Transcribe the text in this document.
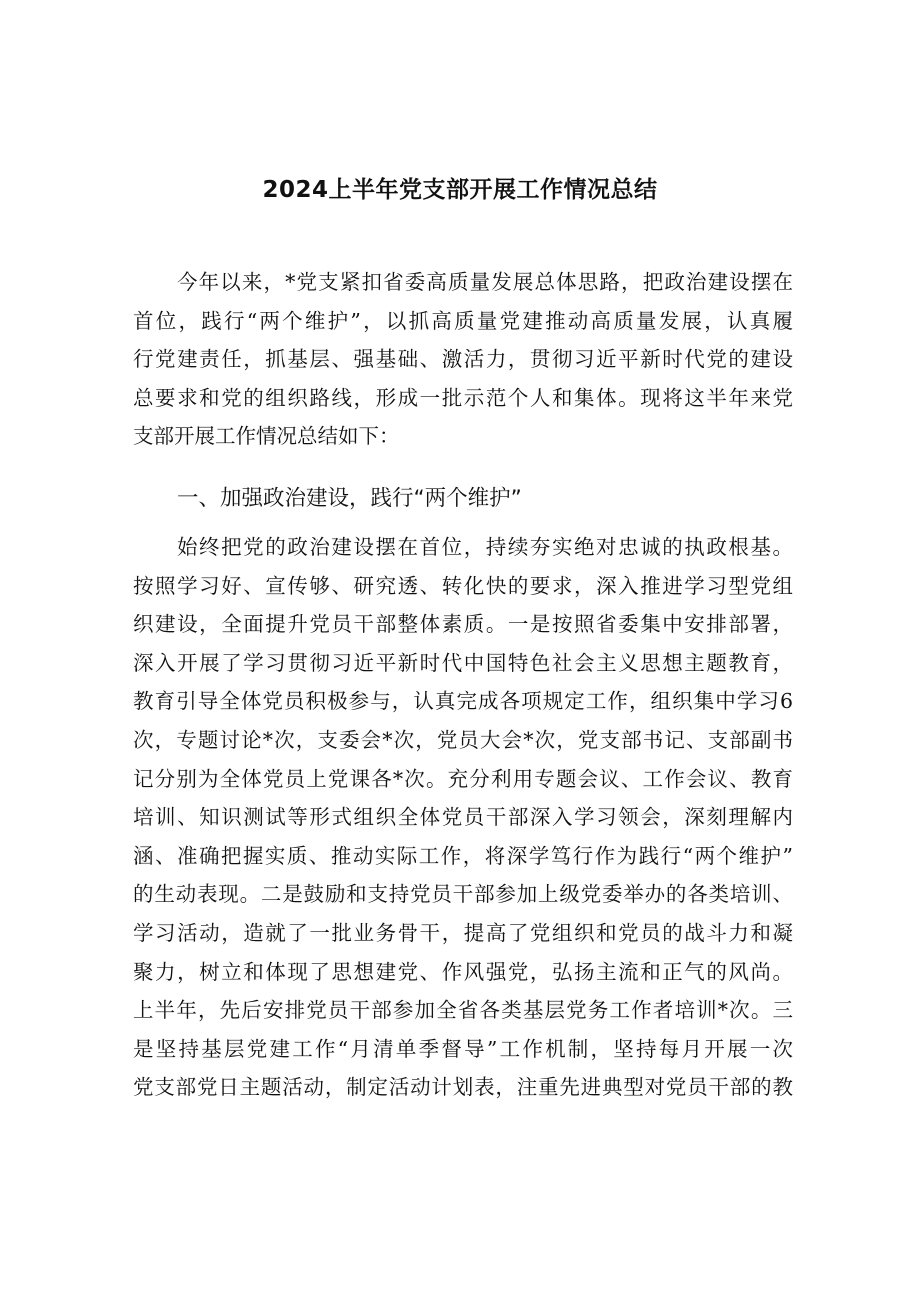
2024上半年党支部开展工作情况总结
今年以来，*党支紧扣省委高质量发展总体思路，把政治建设摆在
首位，践行“两个维护”，以抓高质量党建推动高质量发展，认真履
行党建责任，抓基层、强基础、激活力，贯彻习近平新时代党的建设
总要求和党的组织路线，形成一批示范个人和集体。现将这半年来党
支部开展工作情况总结如下：
一、加强政治建设，践行“两个维护”
始终把党的政治建设摆在首位，持续夯实绝对忠诚的执政根基。
按照学习好、宣传够、研究透、转化快的要求，深入推进学习型党组
织建设，全面提升党员干部整体素质。一是按照省委集中安排部署，
深入开展了学习贯彻习近平新时代中国特色社会主义思想主题教育，
教育引导全体党员积极参与，认真完成各项规定工作，组织集中学习6
次，专题讨论*次，支委会*次，党员大会*次，党支部书记、支部副书
记分别为全体党员上党课各*次。充分利用专题会议、工作会议、教育
培训、知识测试等形式组织全体党员干部深入学习领会，深刻理解内
涵、准确把握实质、推动实际工作，将深学笃行作为践行“两个维护”
的生动表现。二是鼓励和支持党员干部参加上级党委举办的各类培训、
学习活动，造就了一批业务骨干，提高了党组织和党员的战斗力和凝
聚力，树立和体现了思想建党、作风强党，弘扬主流和正气的风尚。
上半年，先后安排党员干部参加全省各类基层党务工作者培训*次。三
是坚持基层党建工作“月清单季督导”工作机制，坚持每月开展一次
党支部党日主题活动，制定活动计划表，注重先进典型对党员干部的教
